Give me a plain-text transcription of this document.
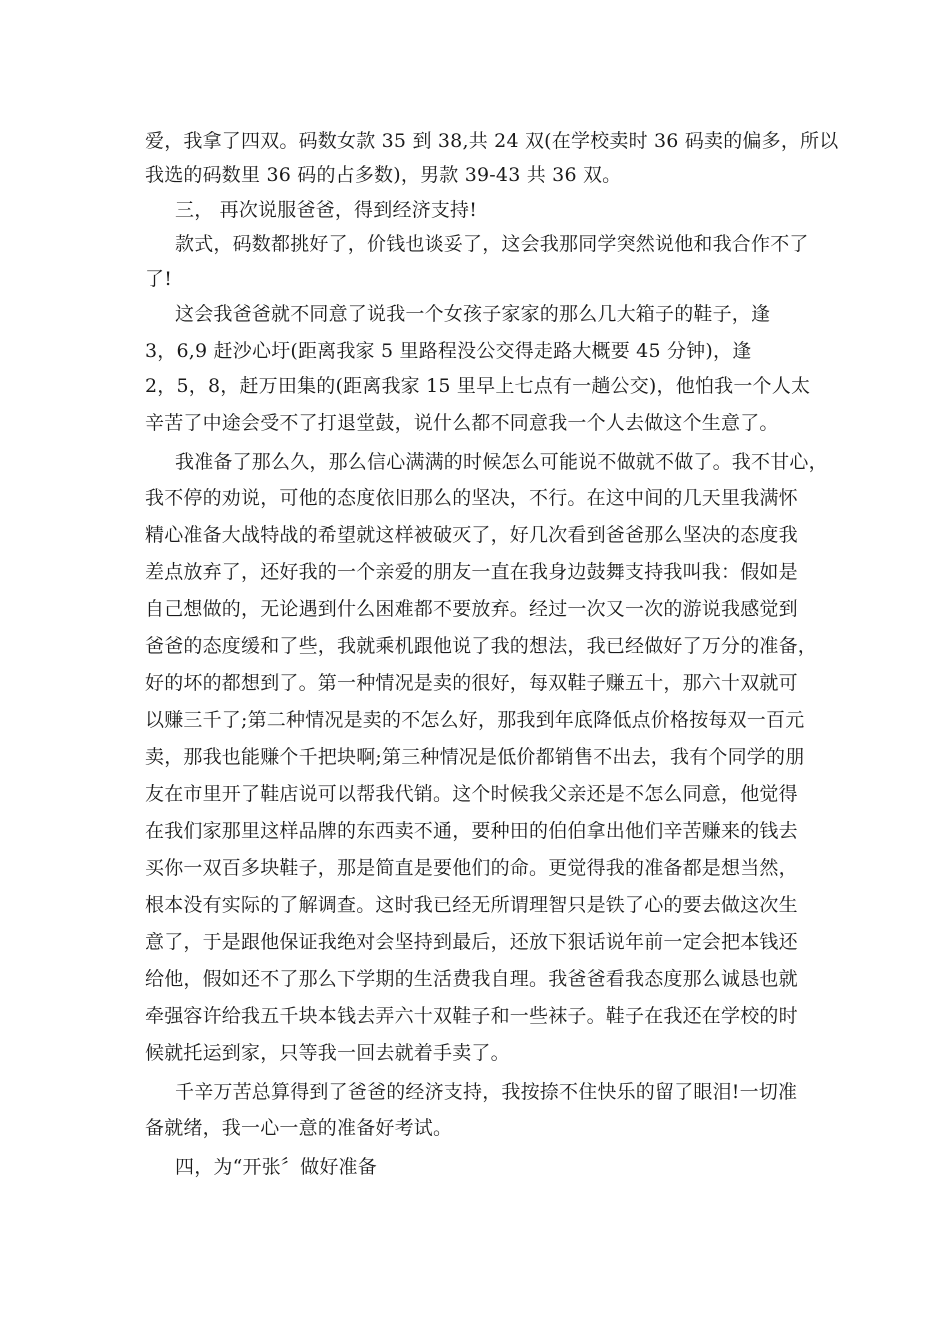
爱，我拿了四双。码数女款 35 到 38,共 24 双(在学校卖时 36 码卖的偏多，所以
我选的码数里 36 码的占多数)，男款 39-43 共 36 双。
三， 再次说服爸爸，得到经济支持!
款式，码数都挑好了，价钱也谈妥了，这会我那同学突然说他和我合作不了
了!
这会我爸爸就不同意了说我一个女孩子家家的那么几大箱子的鞋子，逢
3，6,9 赶沙心圩(距离我家 5 里路程没公交得走路大概要 45 分钟)，逢
2，5，8，赶万田集的(距离我家 15 里早上七点有一趟公交)，他怕我一个人太
辛苦了中途会受不了打退堂鼓，说什么都不同意我一个人去做这个生意了。
我准备了那么久，那么信心满满的时候怎么可能说不做就不做了。我不甘心，
我不停的劝说，可他的态度依旧那么的坚决，不行。在这中间的几天里我满怀
精心准备大战特战的希望就这样被破灭了，好几次看到爸爸那么坚决的态度我
差点放弃了，还好我的一个亲爱的朋友一直在我身边鼓舞支持我叫我：假如是
自己想做的，无论遇到什么困难都不要放弃。经过一次又一次的游说我感觉到
爸爸的态度缓和了些，我就乘机跟他说了我的想法，我已经做好了万分的准备，
好的坏的都想到了。第一种情况是卖的很好，每双鞋子赚五十，那六十双就可
以赚三千了;第二种情况是卖的不怎么好，那我到年底降低点价格按每双一百元
卖，那我也能赚个千把块啊;第三种情况是低价都销售不出去，我有个同学的朋
友在市里开了鞋店说可以帮我代销。这个时候我父亲还是不怎么同意，他觉得
在我们家那里这样品牌的东西卖不通，要种田的伯伯拿出他们辛苦赚来的钱去
买你一双百多块鞋子，那是简直是要他们的命。更觉得我的准备都是想当然，
根本没有实际的了解调查。这时我已经无所谓理智只是铁了心的要去做这次生
意了，于是跟他保证我绝对会坚持到最后，还放下狠话说年前一定会把本钱还
给他，假如还不了那么下学期的生活费我自理。我爸爸看我态度那么诚恳也就
牵强容许给我五千块本钱去弄六十双鞋子和一些袜子。鞋子在我还在学校的时
候就托运到家，只等我一回去就着手卖了。
千辛万苦总算得到了爸爸的经济支持，我按捺不住快乐的留了眼泪!一切准
备就绪，我一心一意的准备好考试。
四，为“开张〞做好准备
